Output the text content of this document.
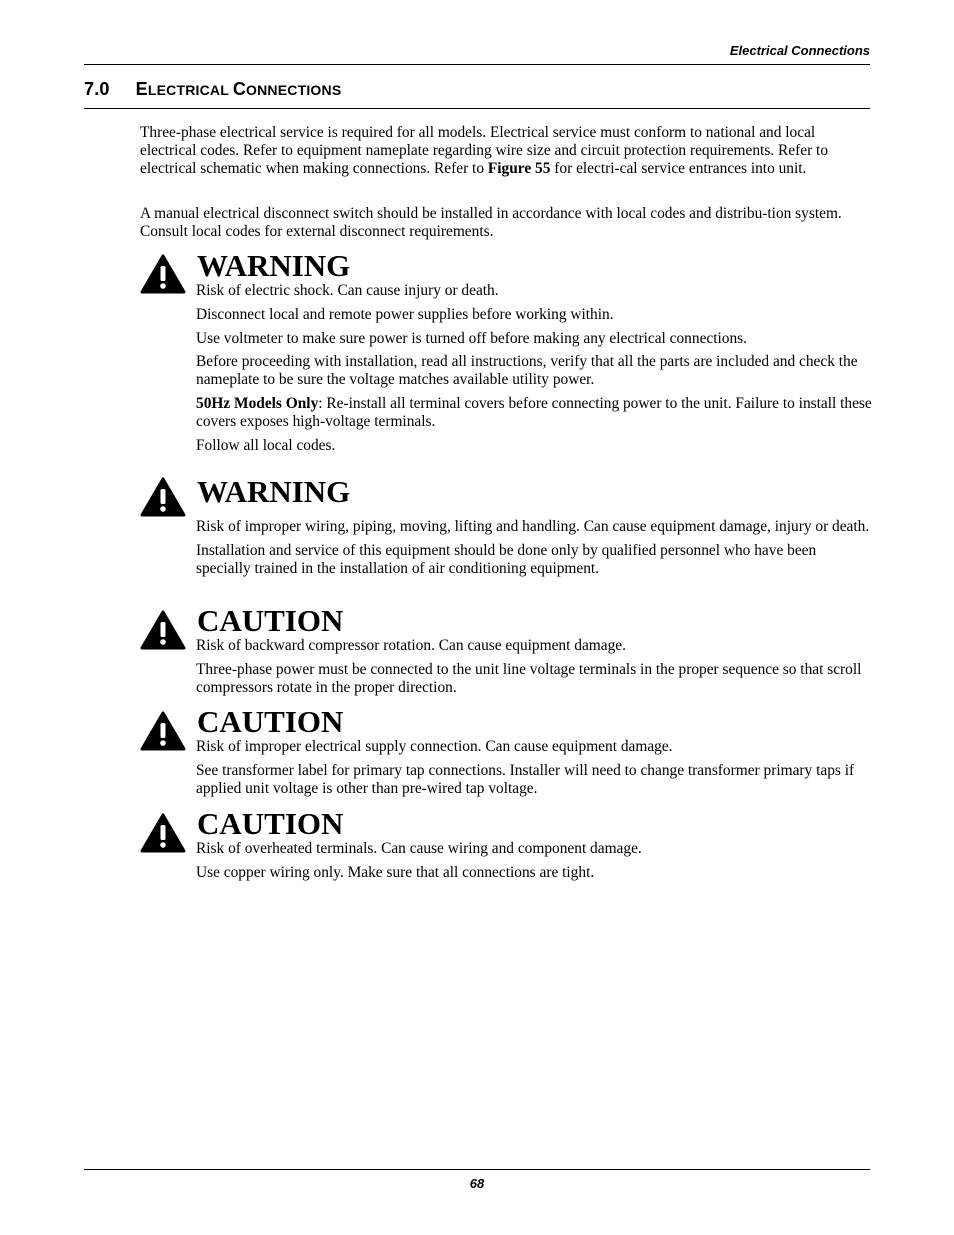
Electrical Connections
7.0 ELECTRICAL CONNECTIONS
Three-phase electrical service is required for all models. Electrical service must conform to national and local electrical codes. Refer to equipment nameplate regarding wire size and circuit protection requirements. Refer to electrical schematic when making connections. Refer to Figure 55 for electri-cal service entrances into unit.
A manual electrical disconnect switch should be installed in accordance with local codes and distribu-tion system. Consult local codes for external disconnect requirements.
WARNING

Risk of electric shock. Can cause injury or death.

Disconnect local and remote power supplies before working within.

Use voltmeter to make sure power is turned off before making any electrical connections.

Before proceeding with installation, read all instructions, verify that all the parts are included and check the nameplate to be sure the voltage matches available utility power.

50Hz Models Only: Re-install all terminal covers before connecting power to the unit. Failure to install these covers exposes high-voltage terminals.

Follow all local codes.

WARNING

Risk of improper wiring, piping, moving, lifting and handling. Can cause equipment damage, injury or death.

Installation and service of this equipment should be done only by qualified personnel who have been specially trained in the installation of air conditioning equipment.

CAUTION

Risk of backward compressor rotation. Can cause equipment damage.

Three-phase power must be connected to the unit line voltage terminals in the proper sequence so that scroll compressors rotate in the proper direction.

CAUTION

Risk of improper electrical supply connection. Can cause equipment damage.

See transformer label for primary tap connections. Installer will need to change transformer primary taps if applied unit voltage is other than pre-wired tap voltage.

CAUTION

Risk of overheated terminals. Can cause wiring and component damage.

Use copper wiring only. Make sure that all connections are tight.

68
